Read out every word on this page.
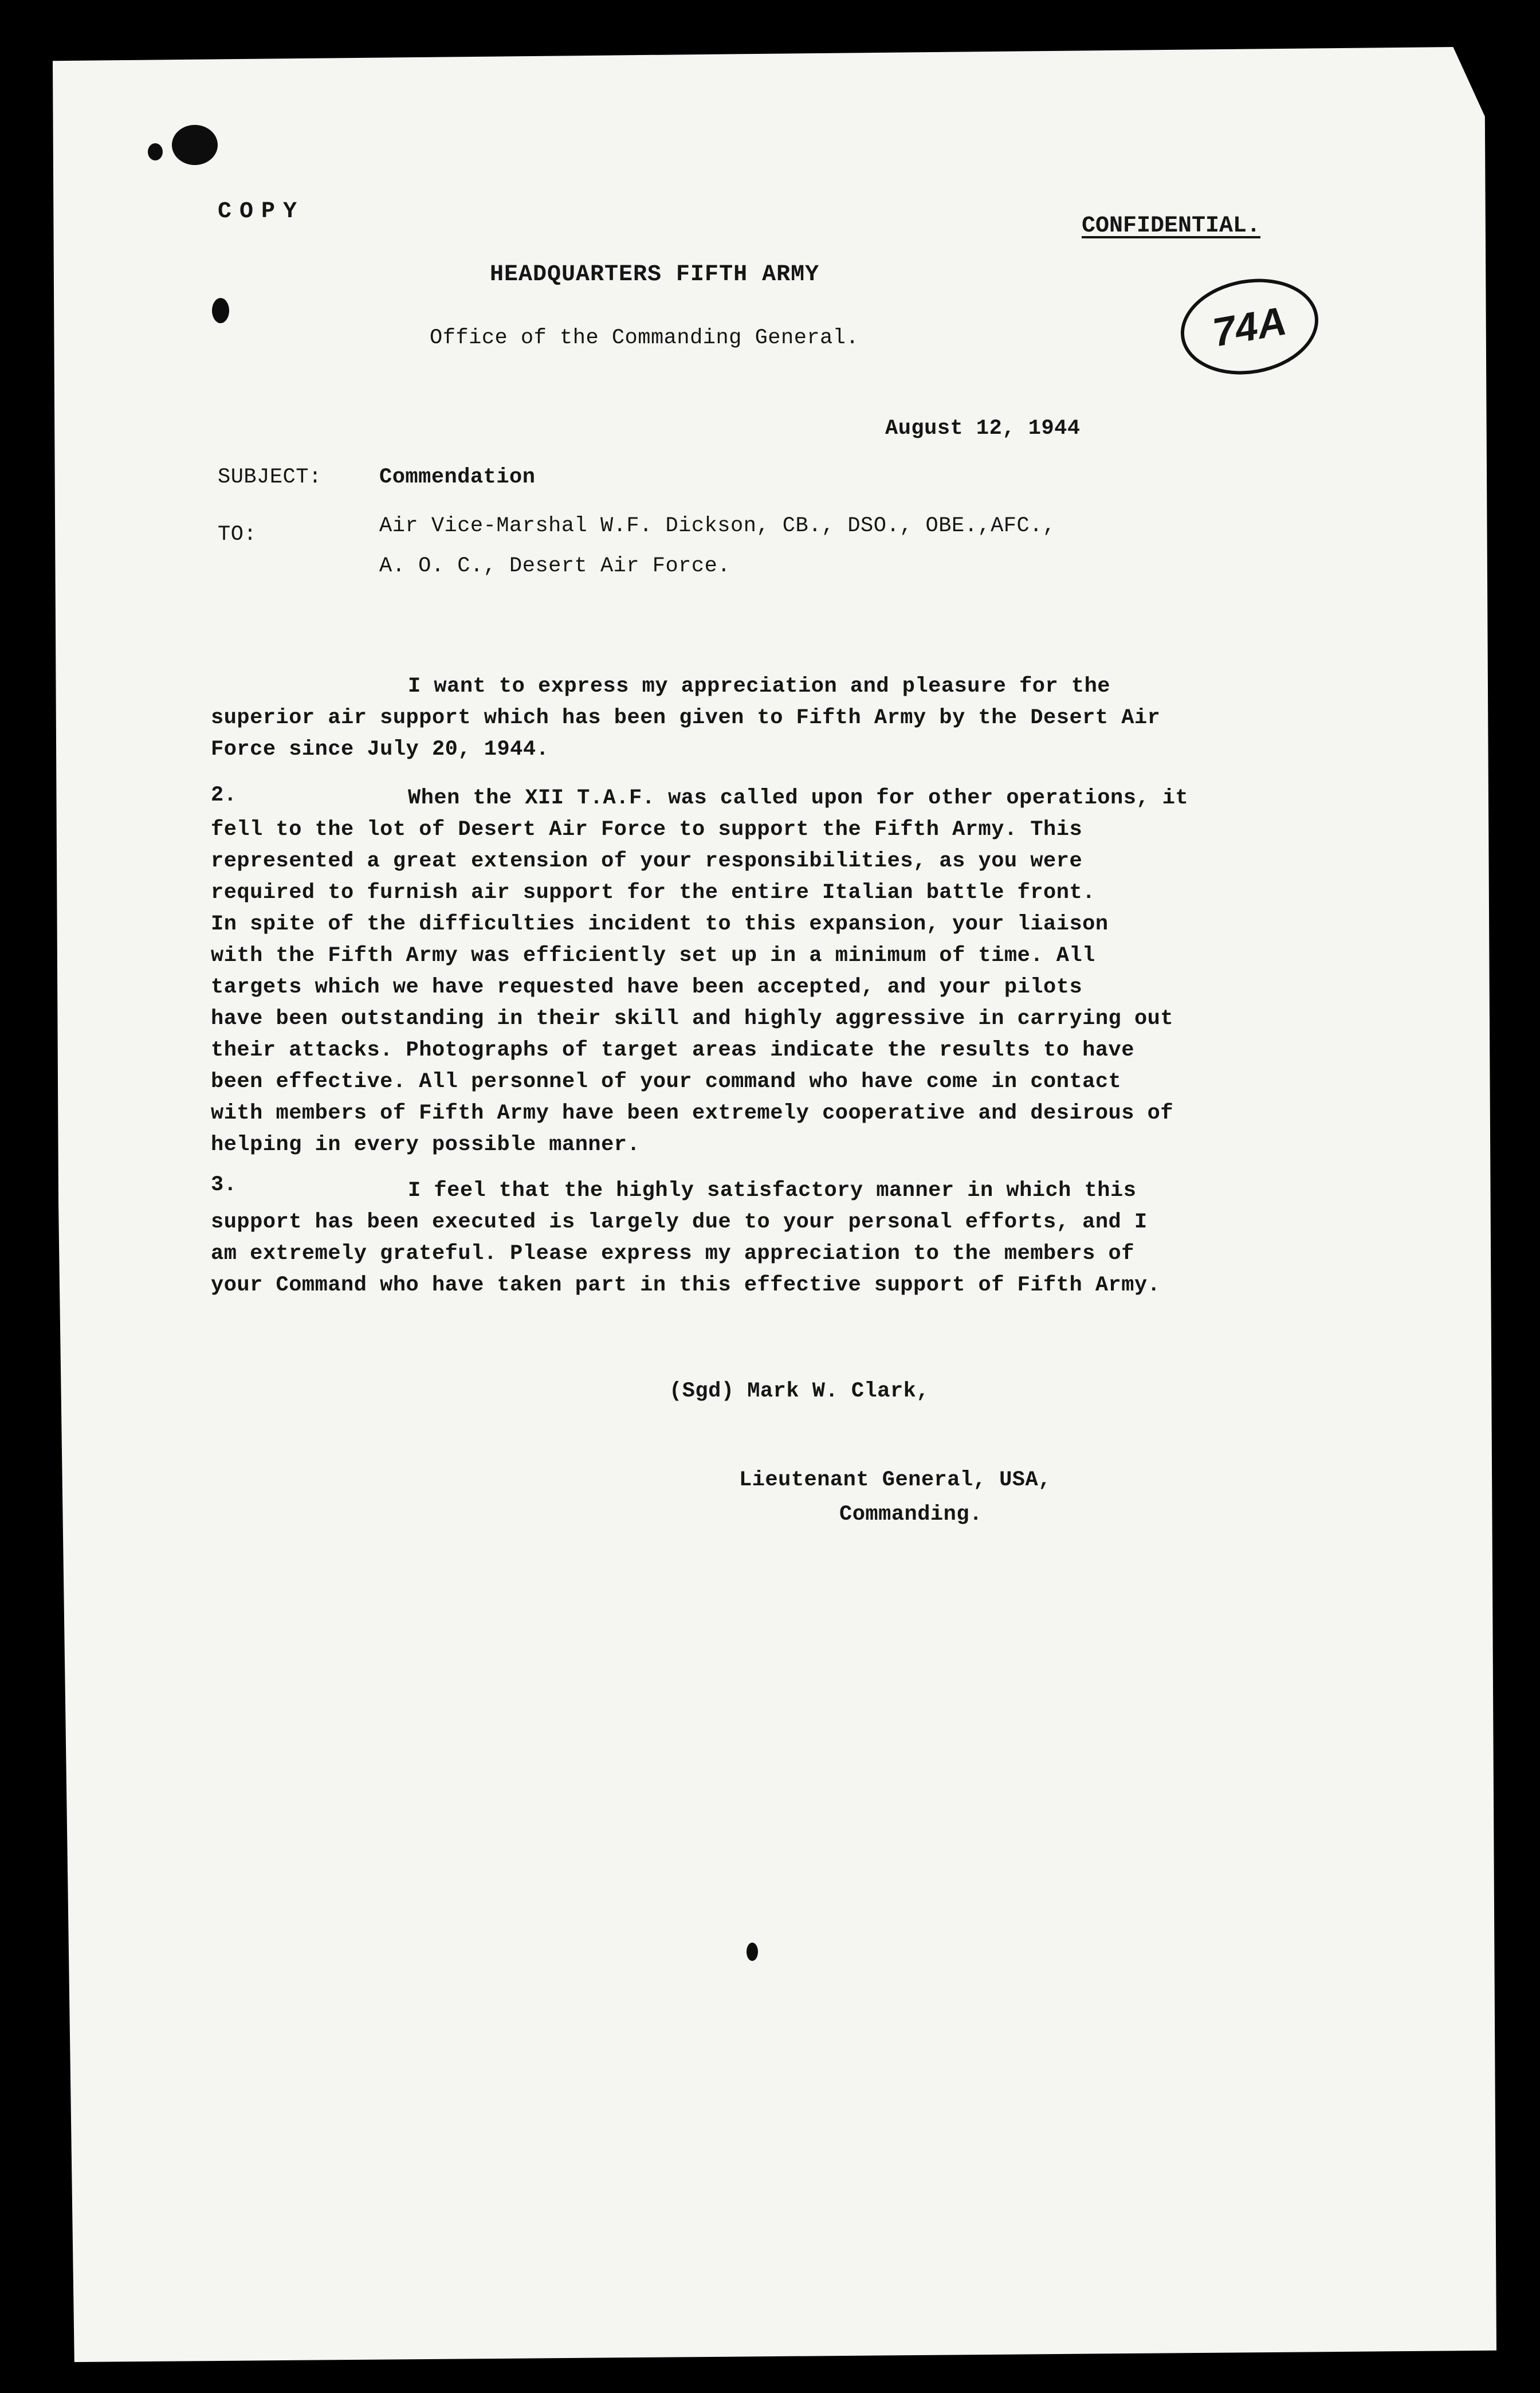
COPY
CONFIDENTIAL.
HEADQUARTERS FIFTH ARMY
Office of the Commanding General.	74A
August 12, 1944
SUBJECT:	Commendation
TO:	Air Vice-Marshal W.F. Dickson, CB., DSO., OBE.,AFC.,
A. O. C., Desert Air Force.
I want to express my appreciation and pleasure for the
superior air support which has been given to Fifth Army by the Desert Air
Force since July 20, 1944.
2.	When the XII T.A.F. was called upon for other operations, it
fell to the lot of Desert Air Force to support the Fifth Army. This
represented a great extension of your responsibilities, as you were
required to furnish air support for the entire Italian battle front.
In spite of the difficulties incident to this expansion, your liaison
with the Fifth Army was efficiently set up in a minimum of time. All
targets which we have requested have been accepted, and your pilots
have been outstanding in their skill and highly aggressive in carrying out
their attacks. Photographs of target areas indicate the results to have
been effective. All personnel of your command who have come in contact
with members of Fifth Army have been extremely cooperative and desirous of
helping in every possible manner.
3.	I feel that the highly satisfactory manner in which this
support has been executed is largely due to your personal efforts, and I
am extremely grateful. Please express my appreciation to the members of
your Command who have taken part in this effective support of Fifth Army.
(Sgd) Mark W. Clark,
Lieutenant General, USA,
Commanding.
